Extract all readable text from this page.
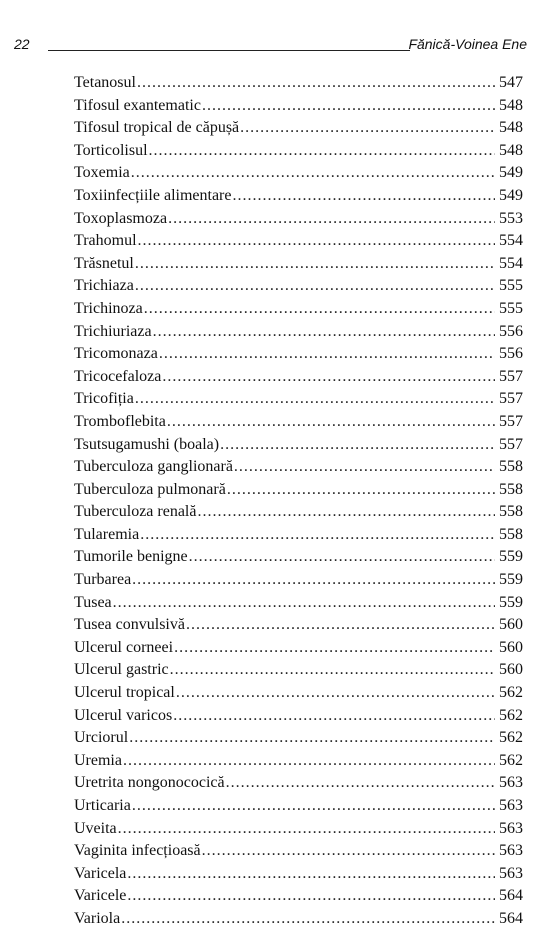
22	Fănică-Voinea Ene
Tetanosul .....	547
Tifosul exantematic .....	548
Tifosul tropical de căpușă .....	548
Torticolisul .....	548
Toxemia .....	549
Toxiinfecțiile alimentare .....	549
Toxoplasmoza .....	553
Trahomul .....	554
Trăsnetul .....	554
Trichiaza .....	555
Trichinoza .....	555
Trichiuriaza .....	556
Tricomonaza .....	556
Tricocefaloza .....	557
Tricofiția .....	557
Tromboflebita .....	557
Tsutsugamushi (boala) .....	557
Tuberculoza ganglionară .....	558
Tuberculoza pulmonară .....	558
Tuberculoza renală .....	558
Tularemia .....	558
Tumorile benigne .....	559
Turbarea .....	559
Tusea .....	559
Tusea convulsivă .....	560
Ulcerul corneei .....	560
Ulcerul gastric .....	560
Ulcerul tropical .....	562
Ulcerul varicos .....	562
Urciorul .....	562
Uremia .....	562
Uretrita nongonococică .....	563
Urticaria .....	563
Uveita .....	563
Vaginita infecțioasă .....	563
Varicela .....	563
Varicele .....	564
Variola .....	564
